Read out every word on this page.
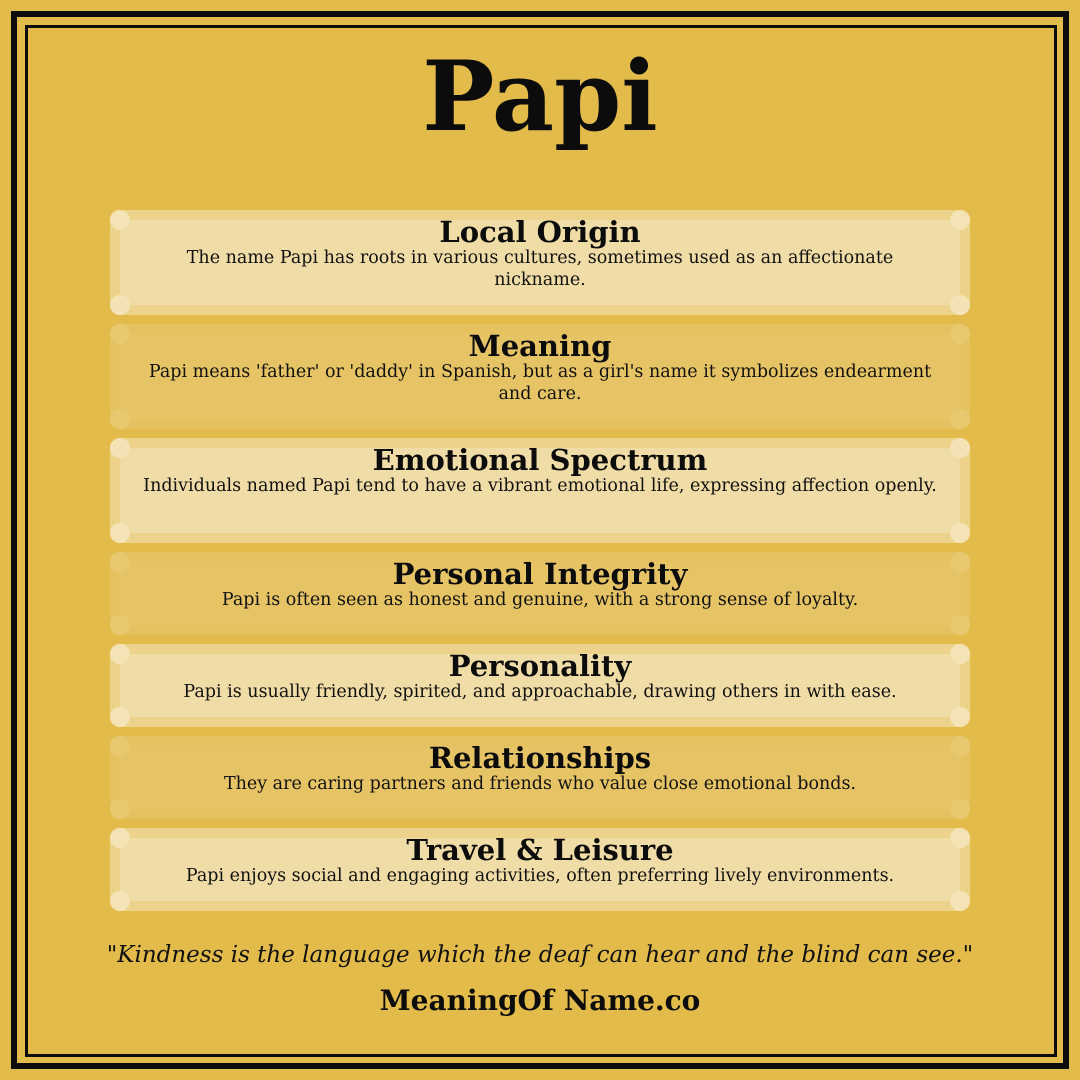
Papi
Local Origin

The name Papi has roots in various cultures, sometimes used as an affectionate nickname.

Meaning

Papi means 'father' or 'daddy' in Spanish, but as a girl's name it symbolizes endearment and care.

Emotional Spectrum

Individuals named Papi tend to have a vibrant emotional life, expressing affection openly.

Personal Integrity

Papi is often seen as honest and genuine, with a strong sense of loyalty.

Personality

Papi is usually friendly, spirited, and approachable, drawing others in with ease.

Relationships

They are caring partners and friends who value close emotional bonds.

Travel & Leisure

Papi enjoys social and engaging activities, often preferring lively environments.

"Kindness is the language which the deaf can hear and the blind can see."
MeaningOf Name.co
